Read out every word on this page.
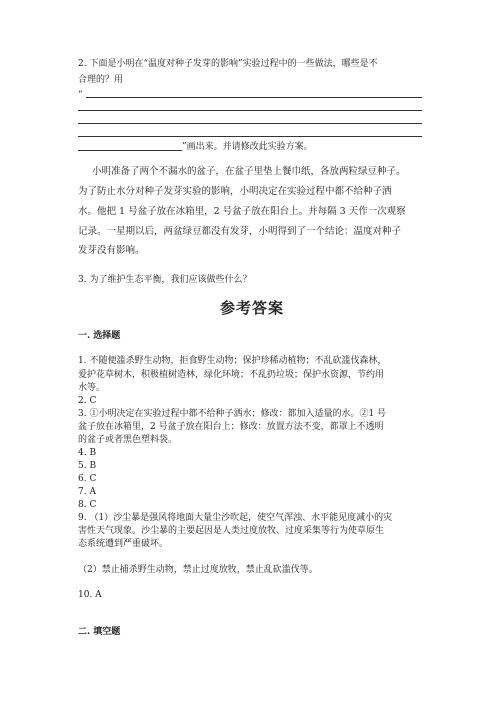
2. 下面是小明在“温度对种子发芽的影响”实验过程中的一些做法，哪些是不
合理的？用
“
”画出来。并请修改此实验方案。
小明准备了两个不漏水的盆子，在盆子里垫上餐巾纸，各放两粒绿豆种子。
为了防止水分对种子发芽实验的影响，小明决定在实验过程中都不给种子洒
水。他把 1 号盆子放在冰箱里，2 号盆子放在阳台上。并每隔 3 天作一次观察
记录。一星期以后，两盆绿豆都没有发芽，小明得到了一个结论：温度对种子
发芽没有影响。
3. 为了维护生态平衡，我们应该做些什么？
参考答案
一. 选择题
1. 不随便滥杀野生动物，拒食野生动物；保护珍稀动植物；不乱砍滥伐森林，
爱护花草树木，积极植树造林，绿化环境；不乱扔垃圾；保护水资源，节约用
水等。
2. C
3. ①小明决定在实验过程中都不给种子洒水；修改：都加入适量的水。②1 号
盆子放在冰箱里，2 号盆子放在阳台上；修改：放置方法不变，都罩上不透明
的盆子或者黑色塑料袋。
4. B
5. B
6. C
7. A
8. C
9. （1）沙尘暴是强风将地面大量尘沙吹起，使空气浑浊、水平能见度减小的灾
害性天气现象。沙尘暴的主要起因是人类过度放牧、过度采集等行为使草原生
态系统遭到严重破坏。
（2）禁止捕杀野生动物，禁止过度放牧，禁止乱砍滥伐等。
10. A
二. 填空题
